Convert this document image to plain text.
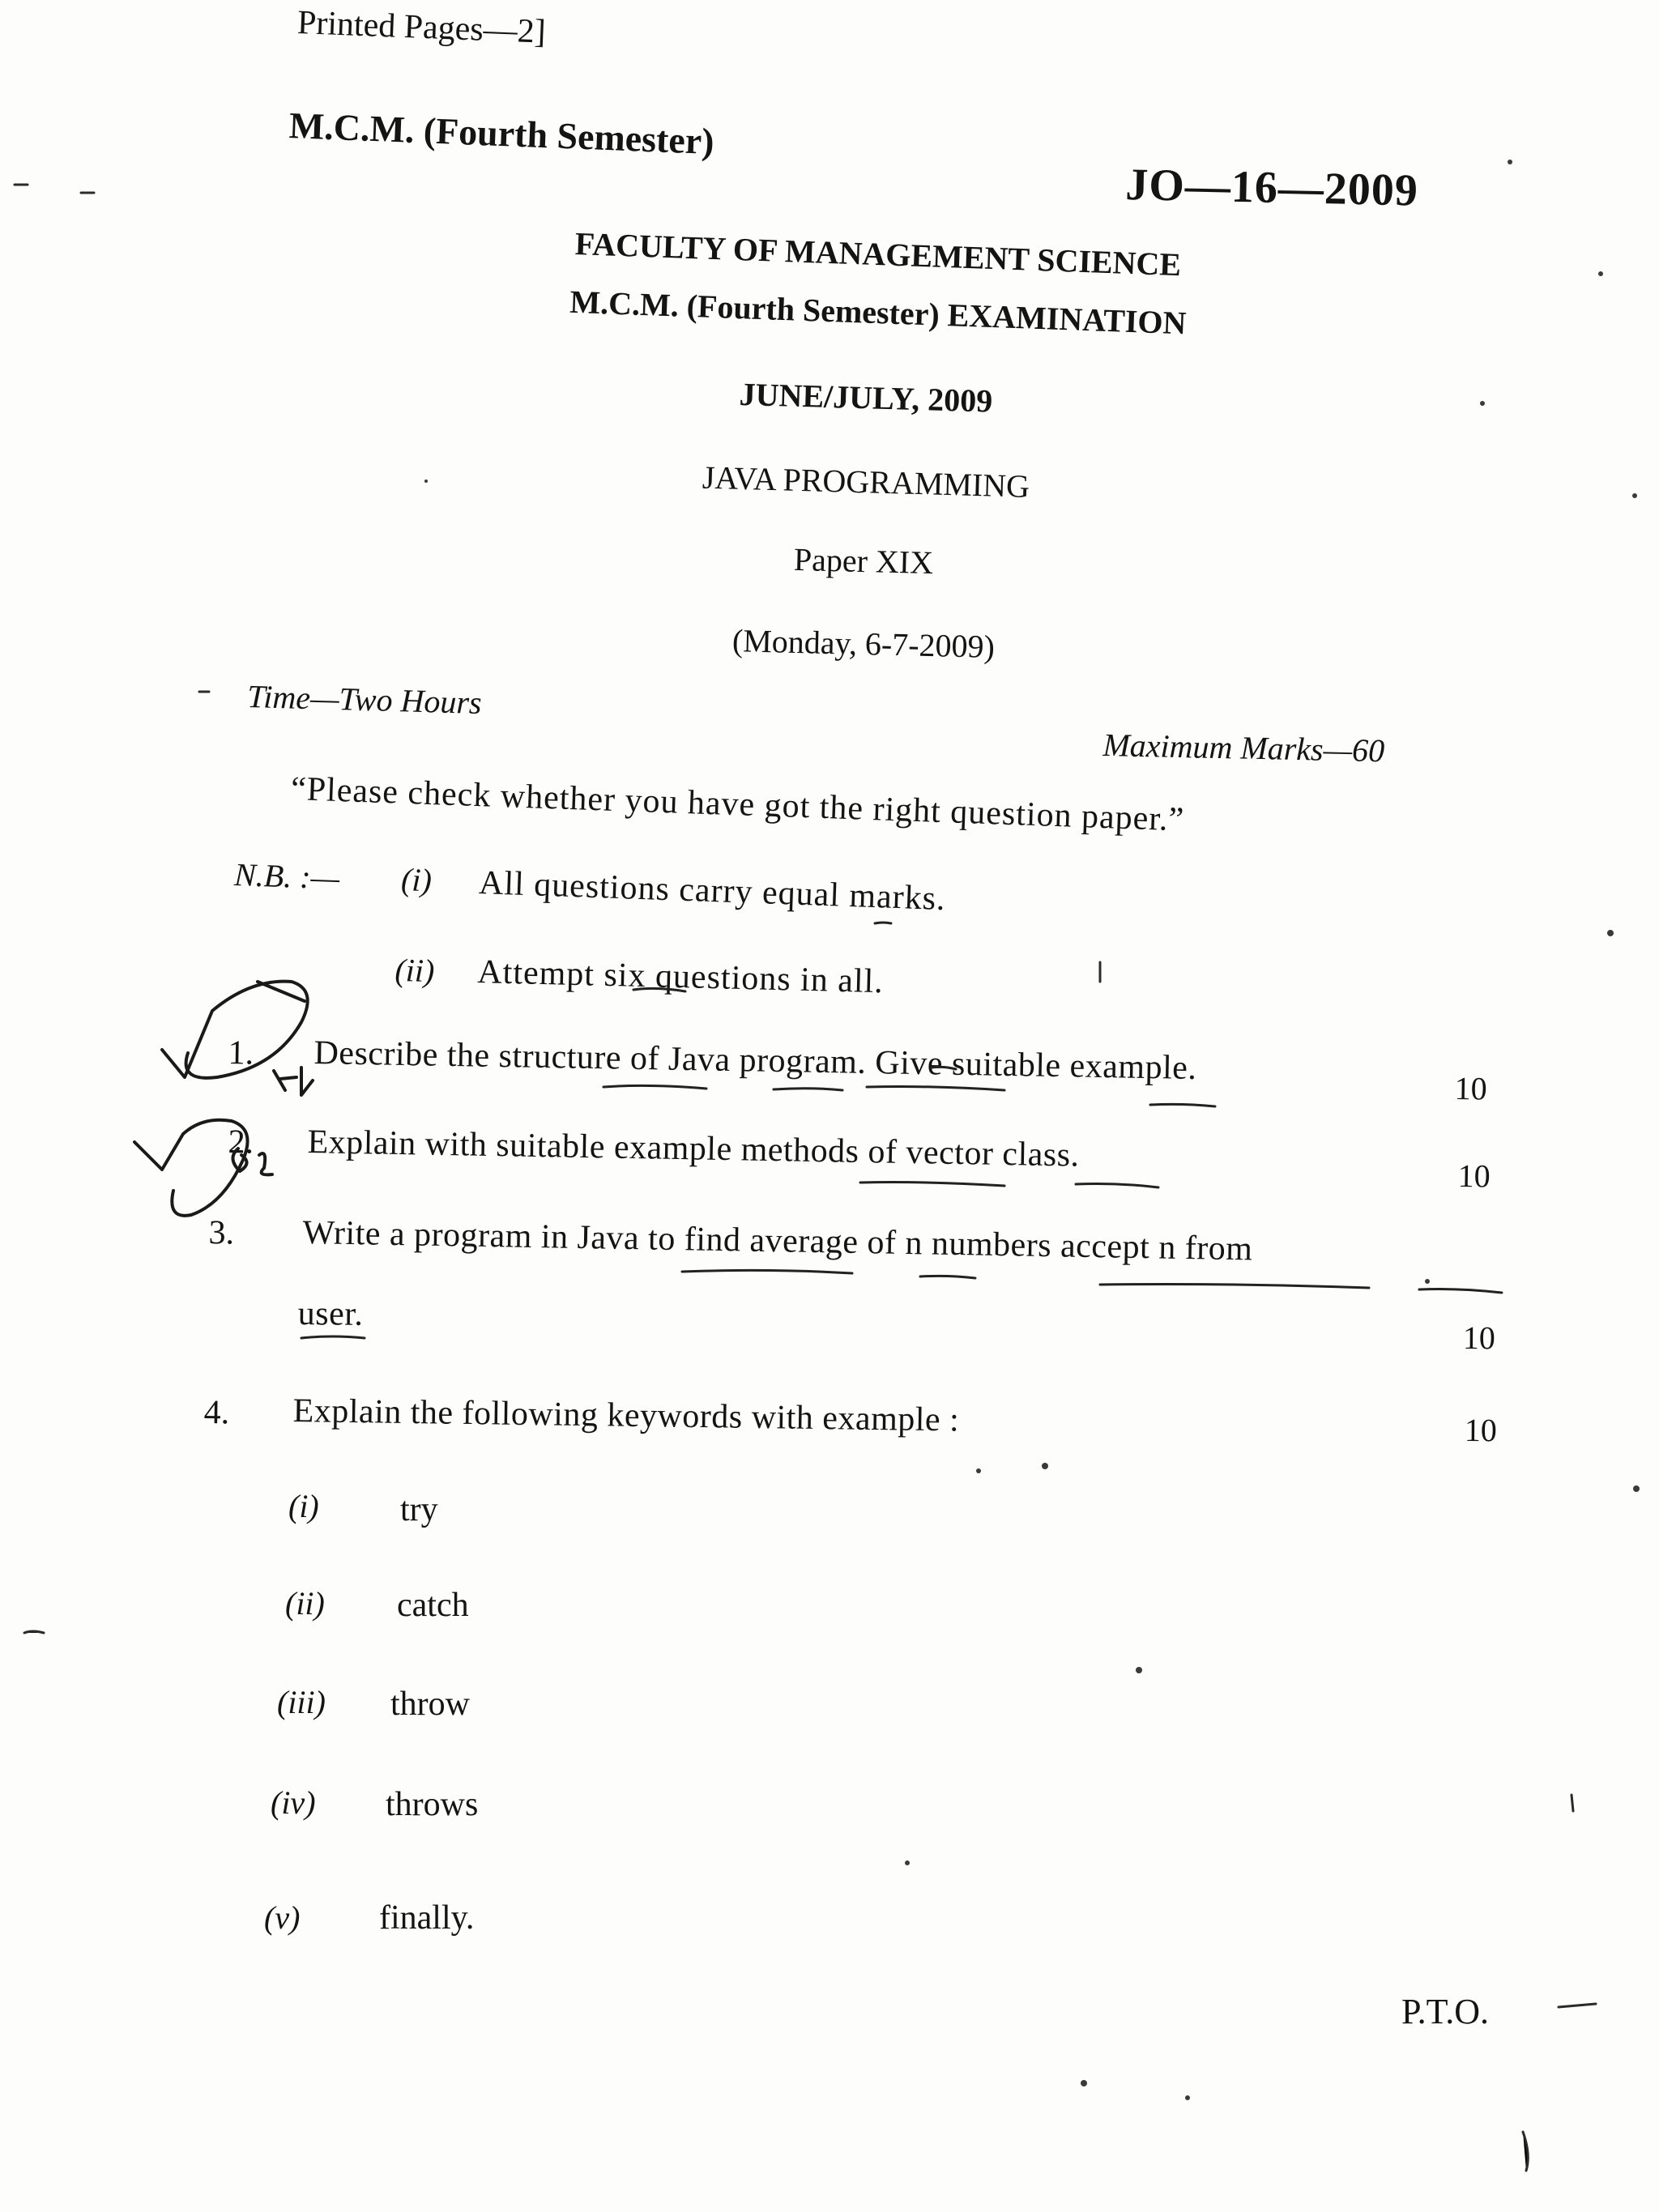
Printed Pages—2]
M.C.M. (Fourth Semester)
JO—16—2009
FACULTY OF MANAGEMENT SCIENCE
M.C.M. (Fourth Semester) EXAMINATION
JUNE/JULY, 2009
JAVA PROGRAMMING
Paper XIX
(Monday, 6-7-2009)
Time—Two Hours
Maximum Marks—60
“Please check whether you have got the right question paper.”
N.B. :— (i) All questions carry equal marks.
(ii) Attempt six questions in all.
1. Describe the structure of Java program. Give suitable example.
10
2. Explain with suitable example methods of vector class.
10
3. Write a program in Java to find average of n numbers accept n from
user.
10
4. Explain the following keywords with example :	10
(i) try
(ii) catch
(iii) throw
(iv) throws
(v) finally.
P.T.O.
